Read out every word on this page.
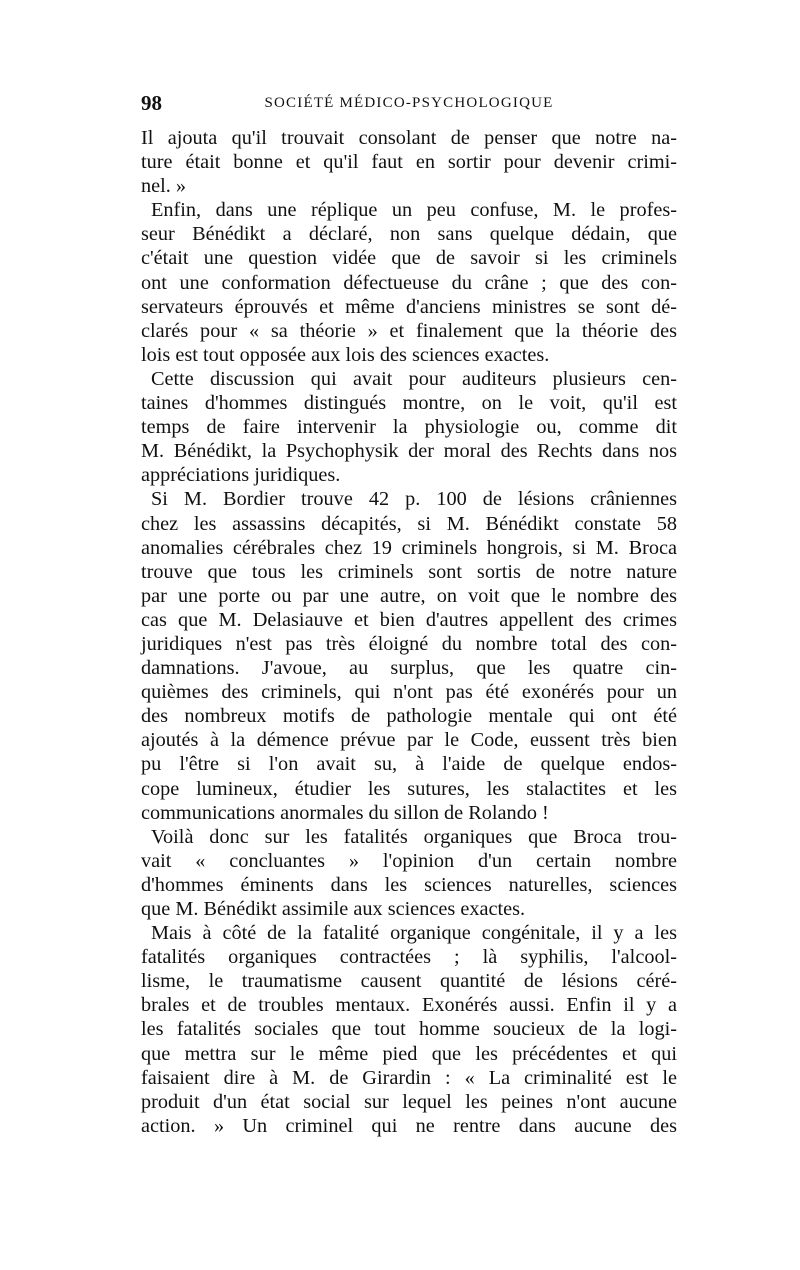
98	SOCIÉTÉ MÉDICO-PSYCHOLOGIQUE
Il ajouta qu'il trouvait consolant de penser que notre na-
ture était bonne et qu'il faut en sortir pour devenir crimi-
nel. »
Enfin, dans une réplique un peu confuse, M. le profes-
seur Bénédikt a déclaré, non sans quelque dédain, que
c'était une question vidée que de savoir si les criminels
ont une conformation défectueuse du crâne ; que des con-
servateurs éprouvés et même d'anciens ministres se sont dé-
clarés pour « sa théorie » et finalement que la théorie des
lois est tout opposée aux lois des sciences exactes.
Cette discussion qui avait pour auditeurs plusieurs cen-
taines d'hommes distingués montre, on le voit, qu'il est
temps de faire intervenir la physiologie ou, comme dit
M. Bénédikt, la Psychophysik der moral des Rechts dans nos
appréciations juridiques.
Si M. Bordier trouve 42 p. 100 de lésions crâniennes
chez les assassins décapités, si M. Bénédikt constate 58
anomalies cérébrales chez 19 criminels hongrois, si M. Broca
trouve que tous les criminels sont sortis de notre nature
par une porte ou par une autre, on voit que le nombre des
cas que M. Delasiauve et bien d'autres appellent des crimes
juridiques n'est pas très éloigné du nombre total des con-
damnations. J'avoue, au surplus, que les quatre cin-
quièmes des criminels, qui n'ont pas été exonérés pour un
des nombreux motifs de pathologie mentale qui ont été
ajoutés à la démence prévue par le Code, eussent très bien
pu l'être si l'on avait su, à l'aide de quelque endos-
cope lumineux, étudier les sutures, les stalactites et les
communications anormales du sillon de Rolando !
Voilà donc sur les fatalités organiques que Broca trou-
vait « concluantes » l'opinion d'un certain nombre
d'hommes éminents dans les sciences naturelles, sciences
que M. Bénédikt assimile aux sciences exactes.
Mais à côté de la fatalité organique congénitale, il y a les
fatalités organiques contractées ; là syphilis, l'alcool-
lisme, le traumatisme causent quantité de lésions céré-
brales et de troubles mentaux. Exonérés aussi. Enfin il y a
les fatalités sociales que tout homme soucieux de la logi-
que mettra sur le même pied que les précédentes et qui
faisaient dire à M. de Girardin : « La criminalité est le
produit d'un état social sur lequel les peines n'ont aucune
action. » Un criminel qui ne rentre dans aucune des
